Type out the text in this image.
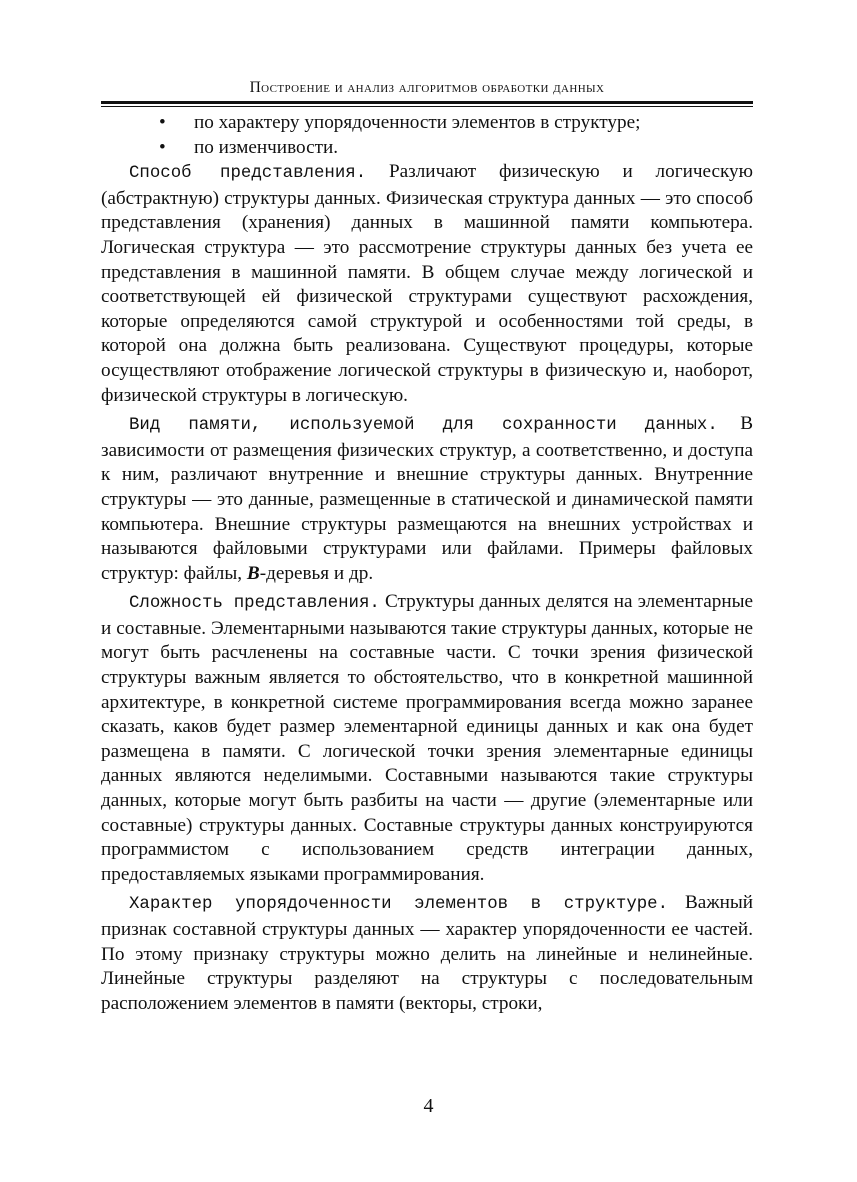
Построение и анализ алгоритмов обработки данных

• по характеру упорядоченности элементов в структуре;

• по изменчивости.

Способ представления. Различают физическую и логическую (абстрактную) структуры данных. Физическая структура данных — это способ представления (хранения) данных в машинной памяти компьютера. Логическая структура — это рассмотрение структуры данных без учета ее представления в машинной памяти. В общем случае между логической и соответствующей ей физической структурами существуют расхождения, которые определяются самой структурой и особенностями той среды, в которой она должна быть реализована. Существуют процедуры, которые осуществляют отображение логической структуры в физическую и, наоборот, физической структуры в логическую.

Вид памяти, используемой для сохранности данных. В зависимости от размещения физических структур, а соответственно, и доступа к ним, различают внутренние и внешние структуры данных. Внутренние структуры — это данные, размещенные в статической и динамической памяти компьютера. Внешние структуры размещаются на внешних устройствах и называются файловыми структурами или файлами. Примеры файловых структур: файлы, B-деревья и др.

Сложность представления. Структуры данных делятся на элементарные и составные. Элементарными называются такие структуры данных, которые не могут быть расчленены на составные части. С точки зрения физической структуры важным является то обстоятельство, что в конкретной машинной архитектуре, в конкретной системе программирования всегда можно заранее сказать, каков будет размер элементарной единицы данных и как она будет размещена в памяти. С логической точки зрения элементарные единицы данных являются неделимыми. Составными называются такие структуры данных, которые могут быть разбиты на части — другие (элементарные или составные) структуры данных. Составные структуры данных конструируются программистом с использованием средств интеграции данных, предоставляемых языками программирования.

Характер упорядоченности элементов в структуре. Важный признак составной структуры данных — характер упорядоченности ее частей. По этому признаку структуры можно делить на линейные и нелинейные. Линейные структуры разделяют на структуры с последовательным расположением элементов в памяти (векторы, строки,

4
